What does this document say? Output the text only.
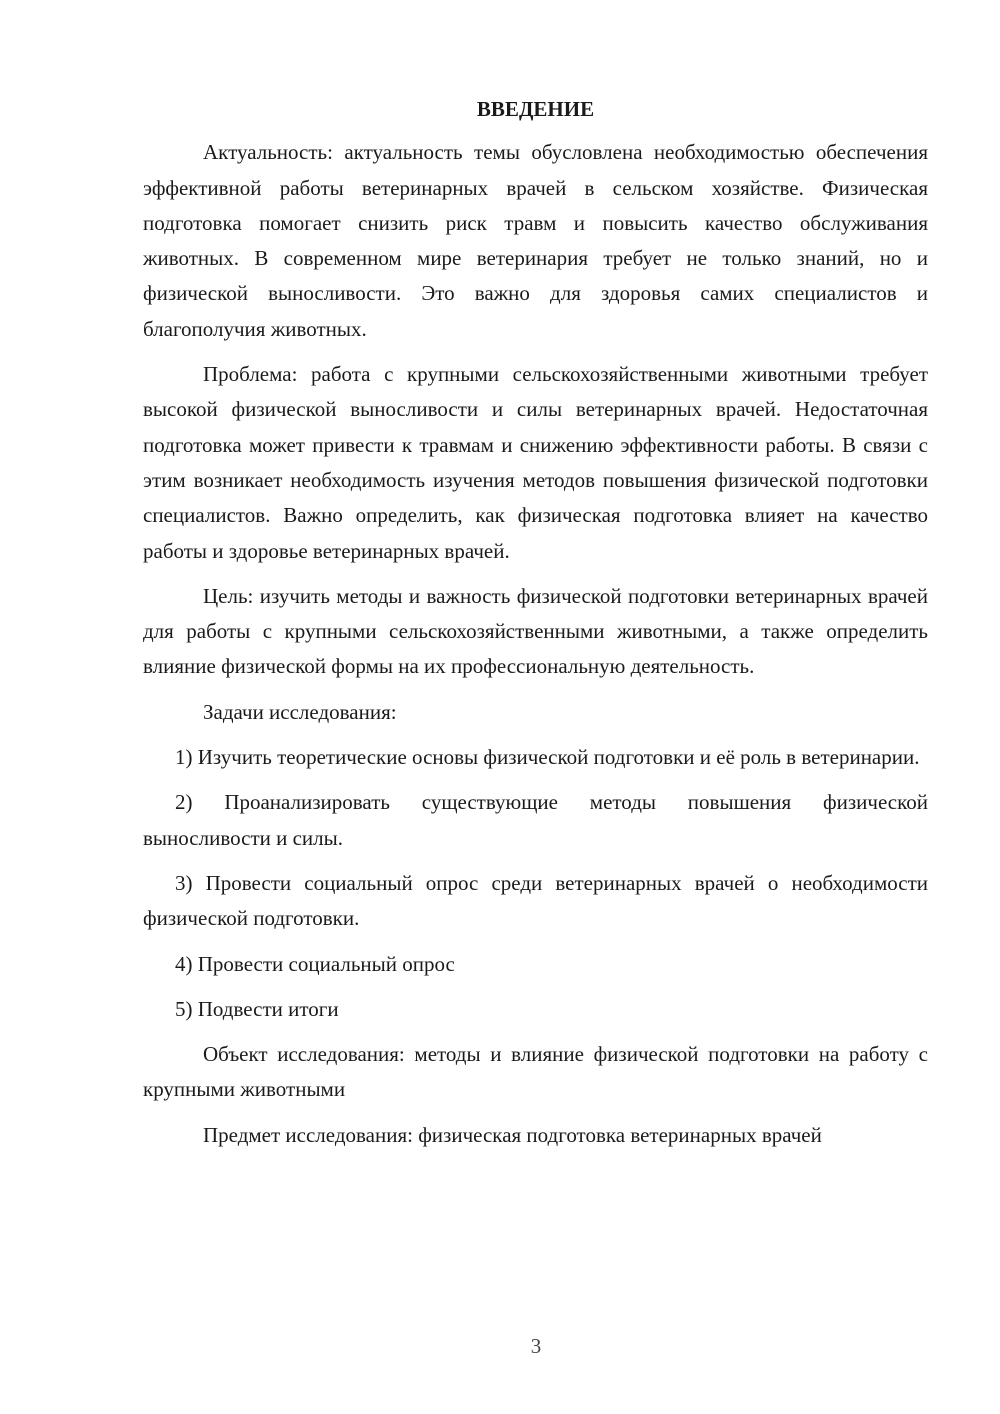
ВВЕДЕНИЕ

Актуальность: актуальность темы обусловлена необходимостью обеспечения эффективной работы ветеринарных врачей в сельском хозяйстве. Физическая подготовка помогает снизить риск травм и повысить качество обслуживания животных. В современном мире ветеринария требует не только знаний, но и физической выносливости. Это важно для здоровья самих специалистов и благополучия животных.

Проблема: работа с крупными сельскохозяйственными животными требует высокой физической выносливости и силы ветеринарных врачей. Недостаточная подготовка может привести к травмам и снижению эффективности работы. В связи с этим возникает необходимость изучения методов повышения физической подготовки специалистов. Важно определить, как физическая подготовка влияет на качество работы и здоровье ветеринарных врачей.

Цель: изучить методы и важность физической подготовки ветеринарных врачей для работы с крупными сельскохозяйственными животными, а также определить влияние физической формы на их профессиональную деятельность.

Задачи исследования:

1) Изучить теоретические основы физической подготовки и её роль в ветеринарии.

2) Проанализировать существующие методы повышения физической выносливости и силы.

3) Провести социальный опрос среди ветеринарных врачей о необходимости физической подготовки.

4) Провести социальный опрос

5) Подвести итоги

Объект исследования: методы и влияние физической подготовки на работу с крупными животными

Предмет исследования: физическая подготовка ветеринарных врачей

3
